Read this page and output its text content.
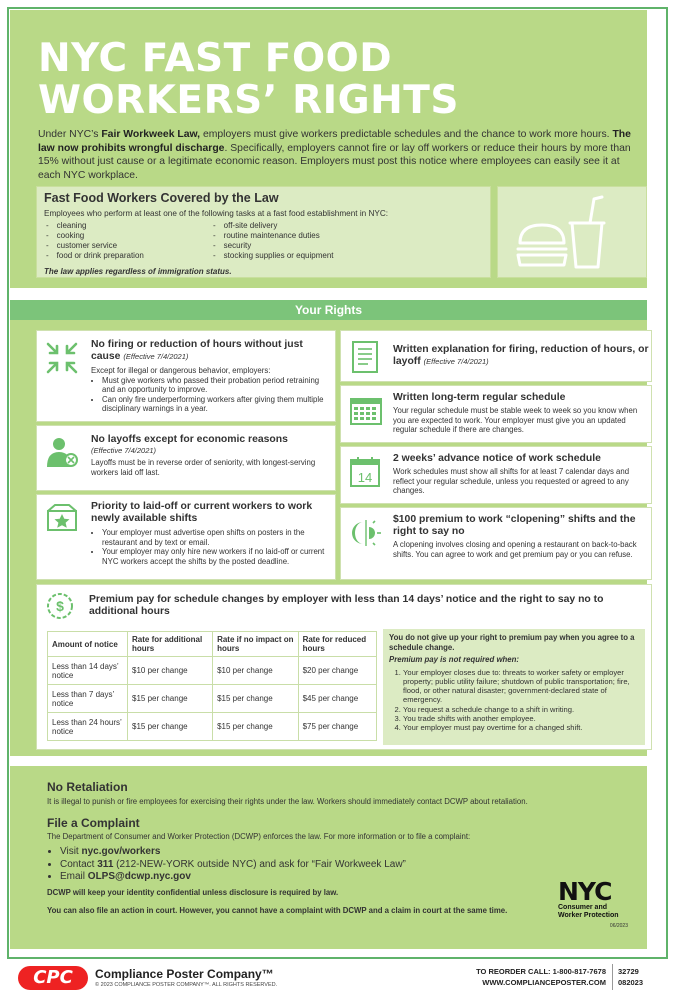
NYC FAST FOOD
WORKERS’ RIGHTS
Under NYC’s Fair Workweek Law, employers must give workers predictable schedules and the chance to work more hours. The law now prohibits wrongful discharge. Specifically, employers cannot fire or lay off workers or reduce their hours by more than 15% without just cause or a legitimate economic reason. Employers must post this notice where employees can easily see it at each NYC workplace.
Fast Food Workers Covered by the Law
Employees who perform at least one of the following tasks at a fast food establishment in NYC:
- cleaning
- cooking
- customer service
- food or drink preparation
- off-site delivery
- routine maintenance duties
- security
- stocking supplies or equipment
The law applies regardless of immigration status.
Your Rights
No firing or reduction of hours without just cause (Effective 7/4/2021)

Except for illegal or dangerous behavior, employers:

• Must give workers who passed their probation period retraining and an opportunity to improve.
• Can only fire underperforming workers after giving them multiple disciplinary warnings in a year.
No layoffs except for economic reasons
(Effective 7/4/2021)

Layoffs must be in reverse order of seniority, with longest-serving workers laid off last.

Priority to laid-off or current workers to work newly available shifts
• Your employer must advertise open shifts on posters in the restaurant and by text or email.
• Your employer may only hire new workers if no laid-off or current NYC workers accept the shifts by the posted deadline.
Written explanation for firing, reduction of hours, or layoff (Effective 7/4/2021)
Written long-term regular schedule

Your regular schedule must be stable week to week so you know when you are expected to work. Your employer must give you an updated regular schedule if there are changes.

14
2 weeks’ advance notice of work schedule

Work schedules must show all shifts for at least 7 calendar days and reflect your regular schedule, unless you requested or agreed to any changes.

$100 premium to work “clopening” shifts and the right to say no

A clopening involves closing and opening a restaurant on back-to-back shifts. You can agree to work and get premium pay or you can refuse.

$ Premium pay for schedule changes by employer with less than 14 days’ notice and the right to say no to additional hours
Amount of notice	Rate for additional hours	Rate if no impact on hours	Rate for reduced hours
Less than 14 days’ notice	$10 per change	$10 per change	$20 per change
Less than 7 days’ notice	$15 per change	$15 per change	$45 per change
Less than 24 hours’ notice	$15 per change	$15 per change	$75 per change

You do not give up your right to premium pay when you agree to a schedule change.

Premium pay is not required when:

1. Your employer closes due to: threats to worker safety or employer property; public utility failure; shutdown of public transportation; fire, flood, or other natural disaster; government-declared state of emergency.
2. You request a schedule change to a shift in writing.
3. You trade shifts with another employee.
4. Your employer must pay overtime for a changed shift.
No Retaliation

It is illegal to punish or fire employees for exercising their rights under the law. Workers should immediately contact DCWP about retaliation.

File a Complaint

The Department of Consumer and Worker Protection (DCWP) enforces the law. For more information or to file a complaint:

• Visit nyc.gov/workers
• Contact 311 (212-NEW-YORK outside NYC) and ask for “Fair Workweek Law”
• Email OLPS@dcwp.nyc.gov

DCWP will keep your identity confidential unless disclosure is required by law.

You can also file an action in court. However, you cannot have a complaint with DCWP and a claim in court at the same time.

NYC
Consumer and
Worker Protection
06/2023
CPC	Compliance Poster Company™
© 2023 COMPLIANCE POSTER COMPANY™. ALL RIGHTS RESERVED.
TO REORDER CALL: 1-800-817-7678
WWW.COMPLIANCEPOSTER.COM
32729
082023
